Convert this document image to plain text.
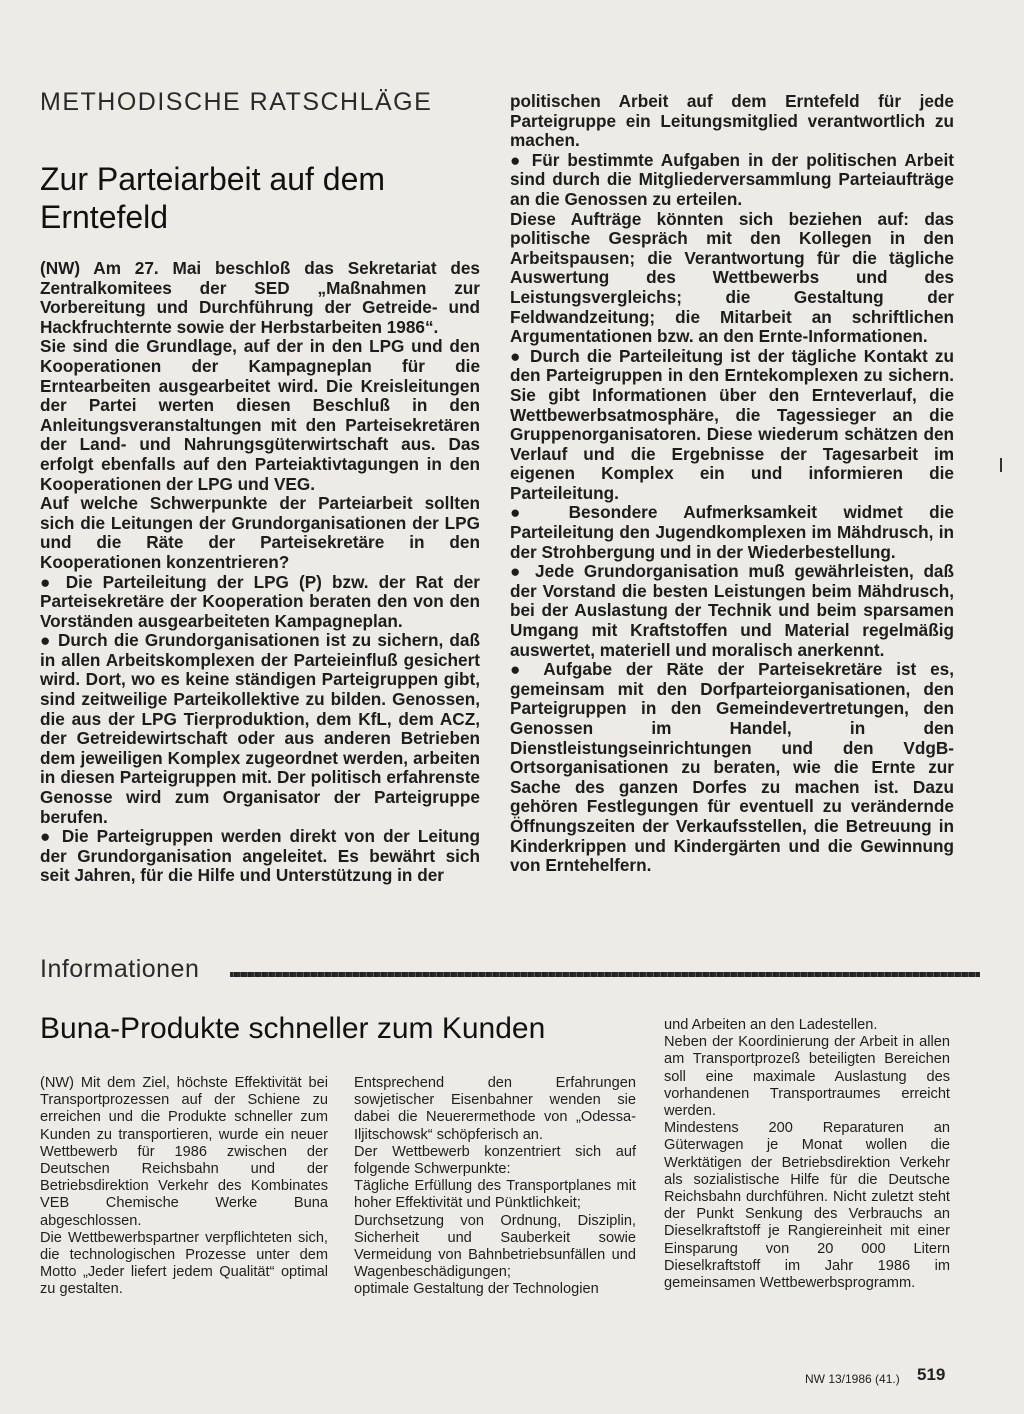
METHODISCHE RATSCHLÄGE
Zur Parteiarbeit auf dem Erntefeld

(NW) Am 27. Mai beschloß das Sekretariat des Zentralkomitees der SED „Maßnahmen zur Vorbereitung und Durchführung der Getreide- und Hackfruchternte sowie der Herbstarbeiten 1986“.

Sie sind die Grundlage, auf der in den LPG und den Kooperationen der Kampagneplan für die Erntearbeiten ausgearbeitet wird. Die Kreisleitungen der Partei werten diesen Beschluß in den Anleitungsveranstaltungen mit den Parteisekretären der Land- und Nahrungsgüterwirtschaft aus. Das erfolgt ebenfalls auf den Parteiaktivtagungen in den Kooperationen der LPG und VEG.

Auf welche Schwerpunkte der Parteiarbeit sollten sich die Leitungen der Grundorganisationen der LPG und die Räte der Parteisekretäre in den Kooperationen konzentrieren?

● Die Parteileitung der LPG (P) bzw. der Rat der Parteisekretäre der Kooperation beraten den von den Vorständen ausgearbeiteten Kampagneplan.

● Durch die Grundorganisationen ist zu sichern, daß in allen Arbeitskomplexen der Parteieinfluß gesichert wird. Dort, wo es keine ständigen Parteigruppen gibt, sind zeitweilige Parteikollektive zu bilden. Genossen, die aus der LPG Tierproduktion, dem KfL, dem ACZ, der Getreidewirtschaft oder aus anderen Betrieben dem jeweiligen Komplex zugeordnet werden, arbeiten in diesen Parteigruppen mit. Der politisch erfahrenste Genosse wird zum Organisator der Parteigruppe berufen.

● Die Parteigruppen werden direkt von der Leitung der Grundorganisation angeleitet. Es bewährt sich seit Jahren, für die Hilfe und Unterstützung in der

politischen Arbeit auf dem Erntefeld für jede Parteigruppe ein Leitungsmitglied verantwortlich zu machen.

● Für bestimmte Aufgaben in der politischen Arbeit sind durch die Mitgliederversammlung Parteiaufträge an die Genossen zu erteilen.

Diese Aufträge könnten sich beziehen auf: das politische Gespräch mit den Kollegen in den Arbeitspausen; die Verantwortung für die tägliche Auswertung des Wettbewerbs und des Leistungsvergleichs; die Gestaltung der Feldwandzeitung; die Mitarbeit an schriftlichen Argumentationen bzw. an den Ernte-Informationen.

● Durch die Parteileitung ist der tägliche Kontakt zu den Parteigruppen in den Erntekomplexen zu sichern. Sie gibt Informationen über den Ernteverlauf, die Wettbewerbsatmosphäre, die Tagessieger an die Gruppenorganisatoren. Diese wiederum schätzen den Verlauf und die Ergebnisse der Tagesarbeit im eigenen Komplex ein und informieren die Parteileitung.

● Besondere Aufmerksamkeit widmet die Parteileitung den Jugendkomplexen im Mähdrusch, in der Strohbergung und in der Wiederbestellung.

● Jede Grundorganisation muß gewährleisten, daß der Vorstand die besten Leistungen beim Mähdrusch, bei der Auslastung der Technik und beim sparsamen Umgang mit Kraftstoffen und Material regelmäßig auswertet, materiell und moralisch anerkennt.

● Aufgabe der Räte der Parteisekretäre ist es, gemeinsam mit den Dorfparteiorganisationen, den Parteigruppen in den Gemeindevertretungen, den Genossen im Handel, in den Dienstleistungseinrichtungen und den VdgB-Ortsorganisationen zu beraten, wie die Ernte zur Sache des ganzen Dorfes zu machen ist. Dazu gehören Festlegungen für eventuell zu verändernde Öffnungszeiten der Verkaufsstellen, die Betreuung in Kinderkrippen und Kindergärten und die Gewinnung von Erntehelfern.

Informationen
Buna-Produkte schneller zum Kunden

(NW) Mit dem Ziel, höchste Effektivität bei Transportprozessen auf der Schiene zu erreichen und die Produkte schneller zum Kunden zu transportieren, wurde ein neuer Wettbewerb für 1986 zwischen der Deutschen Reichsbahn und der Betriebsdirektion Verkehr des Kombinates VEB Chemische Werke Buna abgeschlossen.

Die Wettbewerbspartner verpflichteten sich, die technologischen Prozesse unter dem Motto „Jeder liefert jedem Qualität“ optimal zu gestalten.

Entsprechend den Erfahrungen sowjetischer Eisenbahner wenden sie dabei die Neuerermethode von „Odessa-Iljitschowsk“ schöpferisch an.

Der Wettbewerb konzentriert sich auf folgende Schwerpunkte:

Tägliche Erfüllung des Transportplanes mit hoher Effektivität und Pünktlichkeit;

Durchsetzung von Ordnung, Disziplin, Sicherheit und Sauberkeit sowie Vermeidung von Bahnbetriebsunfällen und Wagenbeschädigungen;

optimale Gestaltung der Technologien

und Arbeiten an den Ladestellen.

Neben der Koordinierung der Arbeit in allen am Transportprozeß beteiligten Bereichen soll eine maximale Auslastung des vorhandenen Transportraumes erreicht werden.

Mindestens 200 Reparaturen an Güterwagen je Monat wollen die Werktätigen der Betriebsdirektion Verkehr als sozialistische Hilfe für die Deutsche Reichsbahn durchführen. Nicht zuletzt steht der Punkt Senkung des Verbrauchs an Dieselkraftstoff je Rangiereinheit mit einer Einsparung von 20 000 Litern Dieselkraftstoff im Jahr 1986 im gemeinsamen Wettbewerbsprogramm.

NW 13/1986 (41.) 519
